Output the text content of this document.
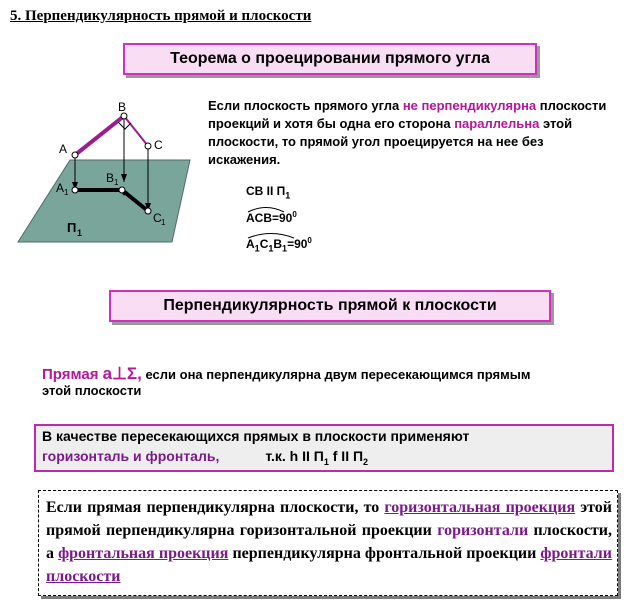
5. Перпендикулярность прямой и плоскости
Теорема о проецировании прямого угла
A
B
C
A 1
B 1
C 1
П 1
Если плоскость прямого угла не перпендикулярна плоскости проекций и хотя бы одна его сторона параллельна этой плоскости, то прямой угол проецируется на нее без искажения.
CB II $П_1$
$ACB=90^0$
$A_1C_1B_1=90^0$
Перпендикулярность прямой к плоскости
Прямая a⊥Σ, если она перпендикулярна двум пересекающимся прямым
этой плоскости
В качестве пересекающихся прямых в плоскости применяют
горизонталь и фронталь,	т.к. h II $П_1$ f II $П_2$
Если прямая перпендикулярна плоскости, то горизонтальная проекция этой прямой перпендикулярна горизонтальной проекции горизонтали плоскости, а фронтальная проекция перпендикулярна фронтальной проекции фронтали плоскости
